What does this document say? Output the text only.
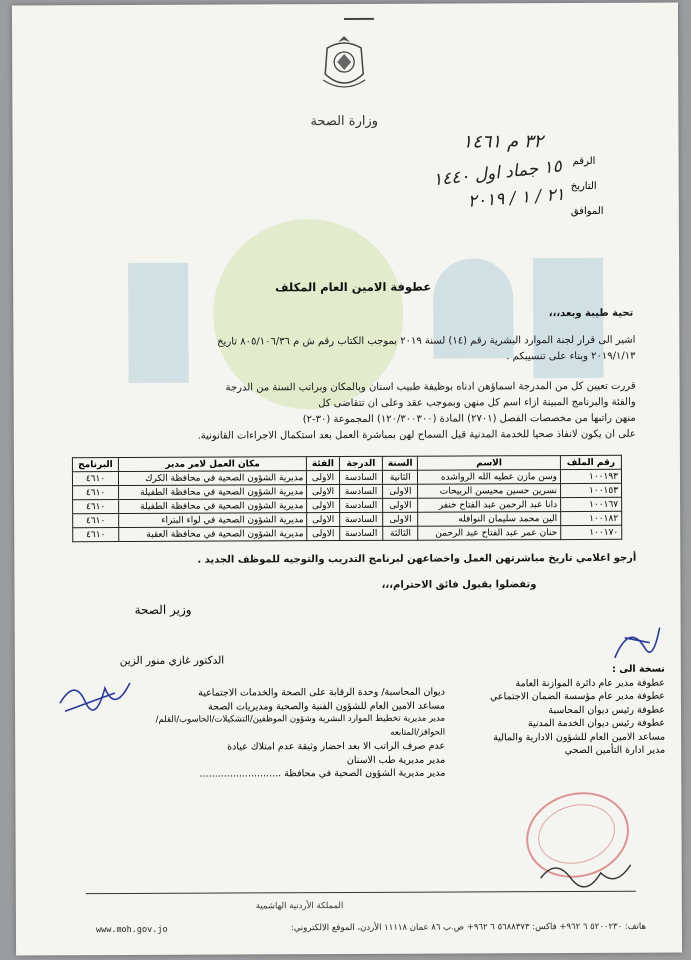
وزارة الصحة
الرقم
٣٢ م ١٤٦١
التاريخ
١٥ جماد اول ١٤٤٠
الموافق
٢١ / ١ / ٢٠١٩
عطوفة الامين العام المكلف
تحية طيبة وبعد،،،
اشير الى قرار لجنة الموارد البشرية رقم (١٤) لسنة ٢٠١٩ بموجب الكتاب رقم ش م ٨٠٥/١٠٦/٣٦ تاريخ
٢٠١٩/١/١٣ وبناء على تنسيبكم .
قررت تعيين كل من المدرجة اسماؤهن ادناه بوظيفة طبيب اسنان وبالمكان وبراتب السنة من الدرجة
والفئة والبرنامج المبينة ازاء اسم كل منهن وبموجب عقد وعلى ان تتقاضى كل
منهن راتبها من مخصصات الفصل (٢٧٠١) المادة (١٢٠/٣٠٠٣٠٠) المجموعة (٣٠-٢)
على ان يكون لانفاذ صحيا للخدمة المدنية قبل السماح لهن بمباشرة العمل بعد استكمال الاجراءات القانونية.
رقم الملف	الاسم	السنة	الدرجة	الفئة	مكان العمل لامر مدير	البرنامج
١٠٠١٩٣	وسن مازن عطيه الله الرواشده	الثانية	السادسة	الاولى	مديرية الشؤون الصحية في محافظة الكرك	٤٦١٠
١٠٠١٥٣	نسرين حسين محيسن الربيحات	الاولى	السادسة	الاولى	مديرية الشؤون الصحية في محافظة الطفيلة	٤٦١٠
١٠٠١٦٧	دانا عبد الرحمن عبد الفتاح خنفر	الاولى	السادسة	الاولى	مديرية الشؤون الصحية في محافظة الطفيلة	٤٦١٠
١٠٠١٨٢	الين محمد سليمان النوافله	الاولى	السادسة	الاولى	مديرية الشؤون الصحية في لواء البتراء	٤٦١٠
١٠٠١٧٠	حنان عمر عبد الفتاح عبد الرحمن	الثالثة	السادسة	الاولى	مديرية الشؤون الصحية في محافظة العقبة	٤٦١٠
أرجو اعلامي تاريخ مباشرتهن العمل واخضاعهن لبرنامج التدريب والتوجيه للموظف الجديد .
وتفضلوا بقبول فائق الاحترام،،،
وزير الصحة
الدكتور غازي منور الزين
نسخة الى :
عطوفة مدير عام دائرة الموازنة العامة
عطوفة مدير عام مؤسسة الضمان الاجتماعي
عطوفة رئيس ديوان المحاسبة
عطوفة رئيس ديوان الخدمة المدنية
مساعد الامين العام للشؤون الادارية والمالية
مدير ادارة التأمين الصحي
ديوان المحاسبة/ وحدة الرقابة على الصحة والخدمات الاجتماعية
مساعد الامين العام للشؤون الفنية والصحية ومديريات الصحة
مدير مديرية تخطيط الموارد البشرية وشؤون الموظفين/التشكيلات/الحاسوب/القلم/الحوافز/المتابعه
عدم صرف الراتب الا بعد احضار وثيقة عدم امتلاك عيادة
مدير مديرية طب الاسنان
مدير مديرية الشؤون الصحية في محافظة ...........................
المملكة الأردنية الهاشمية
هاتف: ٥٢٠٠٢٣٠ ٦ ٩٦٢+ فاكس: ٥٦٨٨٣٧٣ ٦ ٩٦٢+ ص.ب ٨٦ عمان ١١١١٨ الأردن، الموقع الالكتروني:
www.moh.gov.jo
